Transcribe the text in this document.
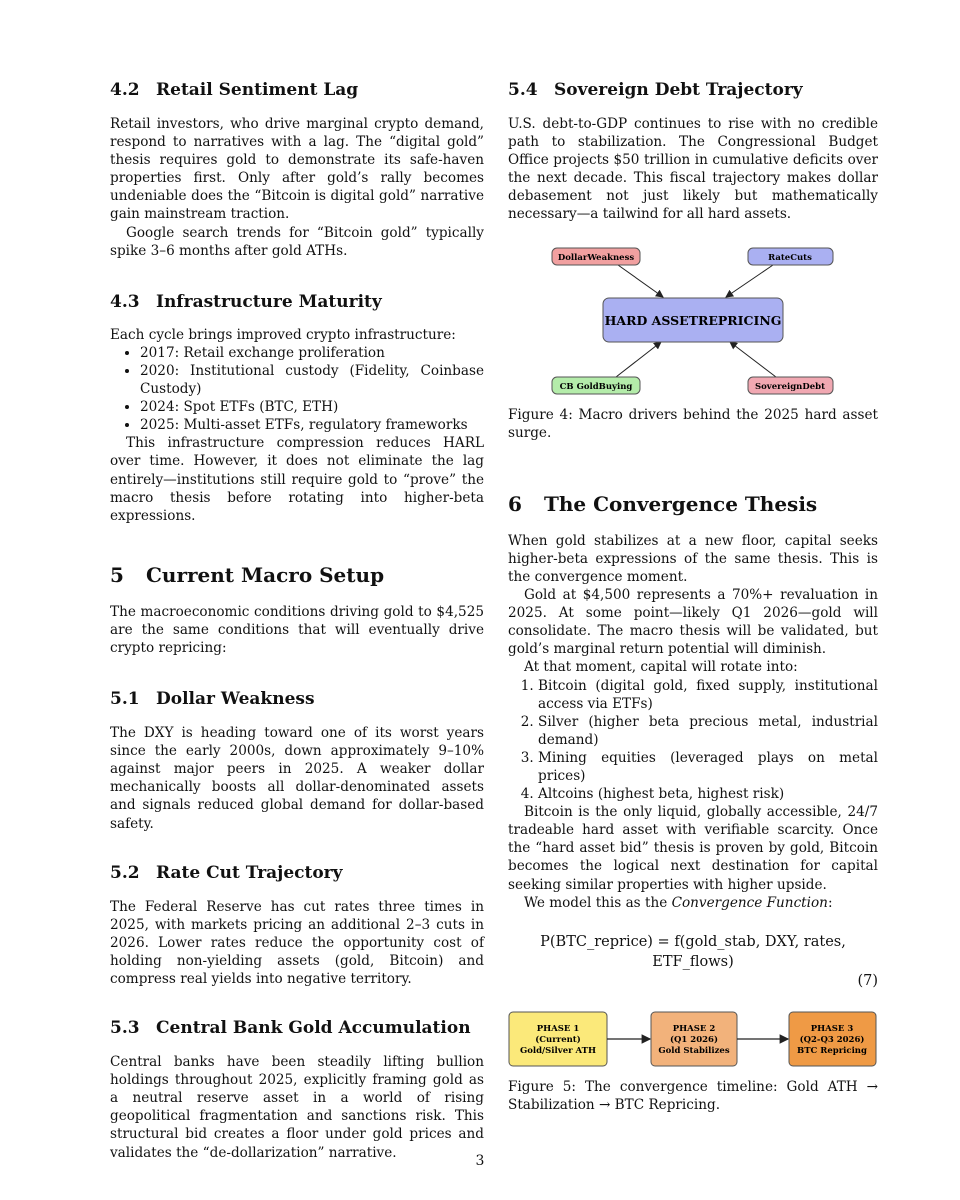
4.2 Retail Sentiment Lag

Retail investors, who drive marginal crypto demand, respond to narratives with a lag. The “digital gold” thesis requires gold to demonstrate its safe-haven properties first. Only after gold’s rally becomes undeniable does the “Bitcoin is digital gold” narrative gain mainstream traction.

Google search trends for “Bitcoin gold” typically spike 3–6 months after gold ATHs.

4.3 Infrastructure Maturity

Each cycle brings improved crypto infrastructure:

• 2017: Retail exchange proliferation
• 2020: Institutional custody (Fidelity, Coinbase Custody)
• 2024: Spot ETFs (BTC, ETH)
• 2025: Multi-asset ETFs, regulatory frameworks

This infrastructure compression reduces HARL over time. However, it does not eliminate the lag entirely—institutions still require gold to “prove” the macro thesis before rotating into higher-beta expressions.

5 Current Macro Setup

The macroeconomic conditions driving gold to $4,525 are the same conditions that will eventually drive crypto repricing:

5.1 Dollar Weakness

The DXY is heading toward one of its worst years since the early 2000s, down approximately 9–10% against major peers in 2025. A weaker dollar mechanically boosts all dollar-denominated assets and signals reduced global demand for dollar-based safety.

5.2 Rate Cut Trajectory

The Federal Reserve has cut rates three times in 2025, with markets pricing an additional 2–3 cuts in 2026. Lower rates reduce the opportunity cost of holding non-yielding assets (gold, Bitcoin) and compress real yields into negative territory.

5.3 Central Bank Gold Accumulation

Central banks have been steadily lifting bullion holdings throughout 2025, explicitly framing gold as a neutral reserve asset in a world of rising geopolitical fragmentation and sanctions risk. This structural bid creates a floor under gold prices and validates the “de-dollarization” narrative.

5.4 Sovereign Debt Trajectory

U.S. debt-to-GDP continues to rise with no credible path to stabilization. The Congressional Budget Office projects $50 trillion in cumulative deficits over the next decade. This fiscal trajectory makes dollar debasement not just likely but mathematically necessary—a tailwind for all hard assets.

HARD ASSETREPRICING
DollarWeakness	RateCuts
CB GoldBuying	SovereignDebt

Figure 4: Macro drivers behind the 2025 hard asset surge.

6 The Convergence Thesis

When gold stabilizes at a new floor, capital seeks higher-beta expressions of the same thesis. This is the convergence moment.

Gold at $4,500 represents a 70%+ revaluation in 2025. At some point—likely Q1 2026—gold will consolidate. The macro thesis will be validated, but gold’s marginal return potential will diminish.

At that moment, capital will rotate into:

1. Bitcoin (digital gold, fixed supply, institutional access via ETFs)
2. Silver (higher beta precious metal, industrial demand)
3. Mining equities (leveraged plays on metal prices)
4. Altcoins (highest beta, highest risk)

Bitcoin is the only liquid, globally accessible, 24/7 tradeable hard asset with verifiable scarcity. Once the “hard asset bid” thesis is proven by gold, Bitcoin becomes the logical next destination for capital seeking similar properties with higher upside.

We model this as the Convergence Function:

P(BTC_reprice) = f(gold_stab, DXY, rates, ETF_flows)
(7)
PHASE 1
(Current)
Gold/Silver ATH
PHASE 2
(Q1 2026)
Gold Stabilizes
PHASE 3
(Q2-Q3 2026)
BTC Repricing

Figure 5: The convergence timeline: Gold ATH → Stabilization → BTC Repricing.

3
